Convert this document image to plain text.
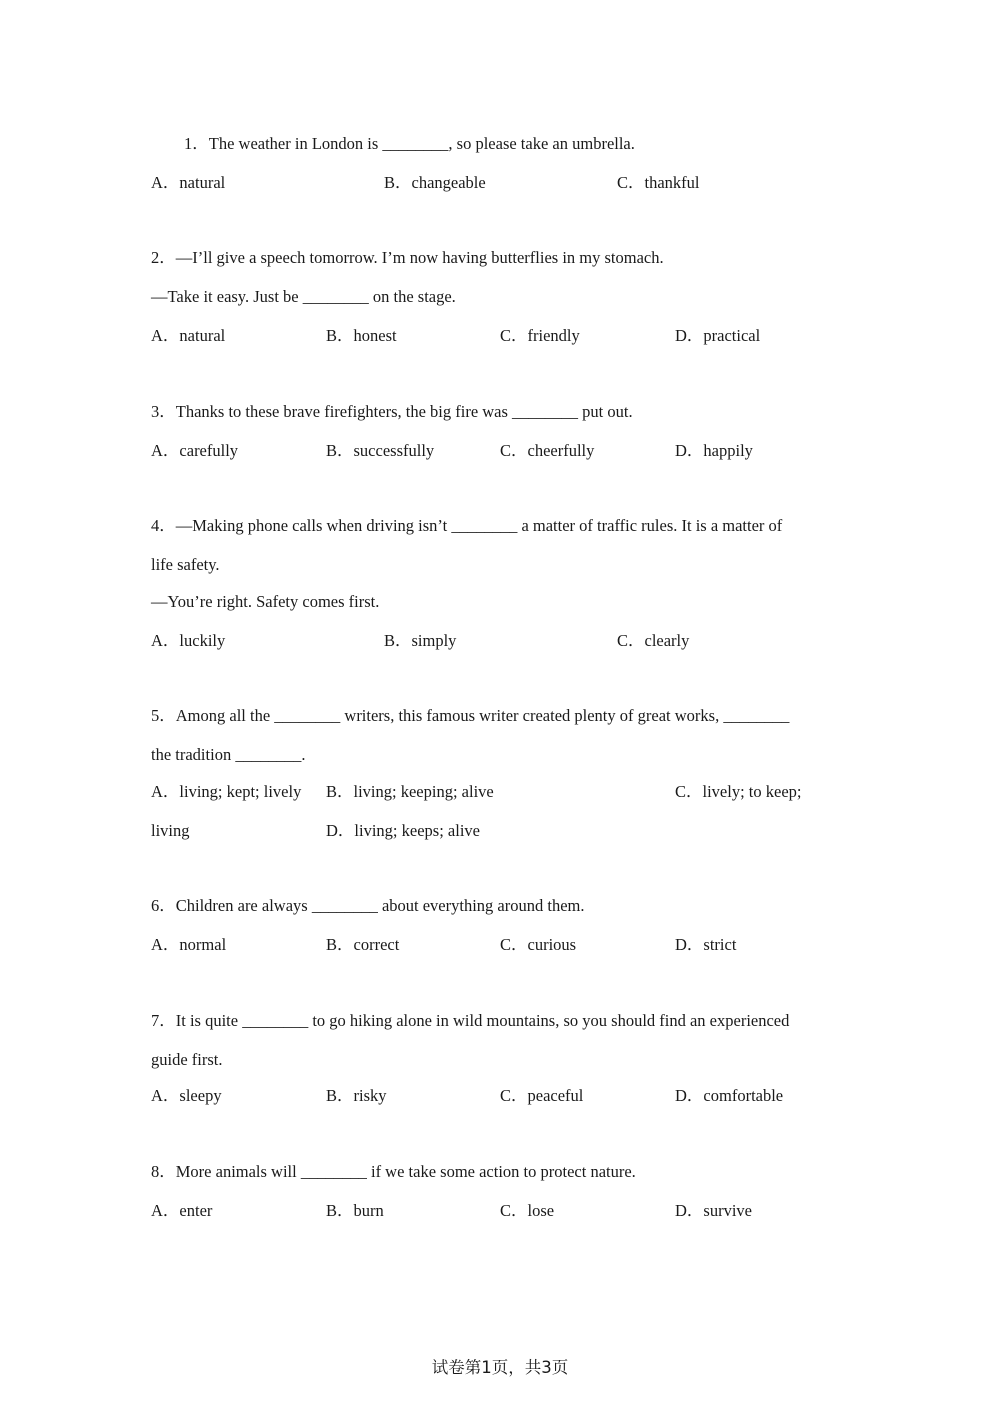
1．The weather in London is ________, so please take an umbrella.
A．natural	B．changeable	C．thankful
2．—I’ll give a speech tomorrow. I’m now having butterflies in my stomach.
—Take it easy. Just be ________ on the stage.
A．natural	B．honest	C．friendly	D．practical
3．Thanks to these brave firefighters, the big fire was ________ put out.
A．carefully	B．successfully	C．cheerfully	D．happily
4．—Making phone calls when driving isn’t ________ a matter of traffic rules. It is a matter of
life safety.
—You’re right. Safety comes first.
A．luckily	B．simply	C．clearly
5．Among all the ________ writers, this famous writer created plenty of great works, ________
the tradition ________.
A．living; kept; lively B．living; keeping; alive	C．lively; to keep;
living	D．living; keeps; alive
6．Children are always ________ about everything around them.
A．normal	B．correct	C．curious	D．strict
7．It is quite ________ to go hiking alone in wild mountains, so you should find an experienced
guide first.
A．sleepy	B．risky	C．peaceful	D．comfortable
8．More animals will ________ if we take some action to protect nature.
A．enter	B．burn	C．lose	D．survive
试卷第1页，共3页
